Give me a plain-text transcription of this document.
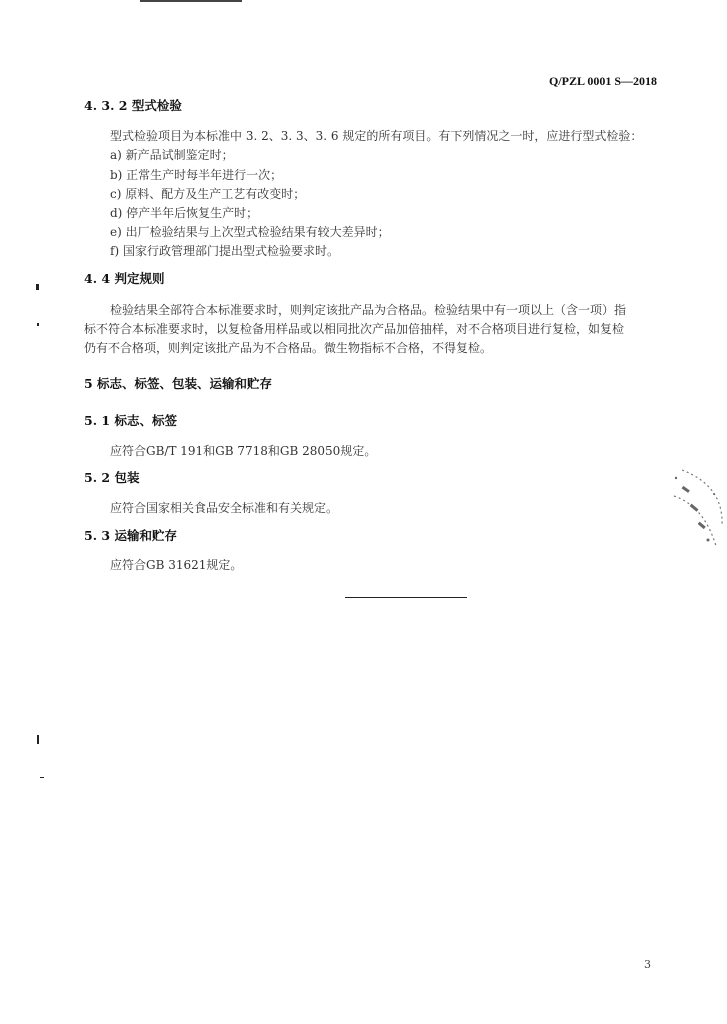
Q/PZL 0001 S—2018
4. 3. 2 型式检验
型式检验项目为本标准中 3. 2、3. 3、3. 6 规定的所有项目。有下列情况之一时，应进行型式检验：
a) 新产品试制鉴定时；
b) 正常生产时每半年进行一次；
c) 原料、配方及生产工艺有改变时；
d) 停产半年后恢复生产时；
e) 出厂检验结果与上次型式检验结果有较大差异时；
f) 国家行政管理部门提出型式检验要求时。
4. 4 判定规则
检验结果全部符合本标准要求时，则判定该批产品为合格品。检验结果中有一项以上（含一项）指
标不符合本标准要求时，以复检备用样品或以相同批次产品加倍抽样，对不合格项目进行复检，如复检
仍有不合格项，则判定该批产品为不合格品。微生物指标不合格，不得复检。
5 标志、标签、包装、运输和贮存
5. 1 标志、标签
应符合GB/T 191和GB 7718和GB 28050规定。
5. 2 包装
应符合国家相关食品安全标准和有关规定。
5. 3 运输和贮存
应符合GB 31621规定。
3
